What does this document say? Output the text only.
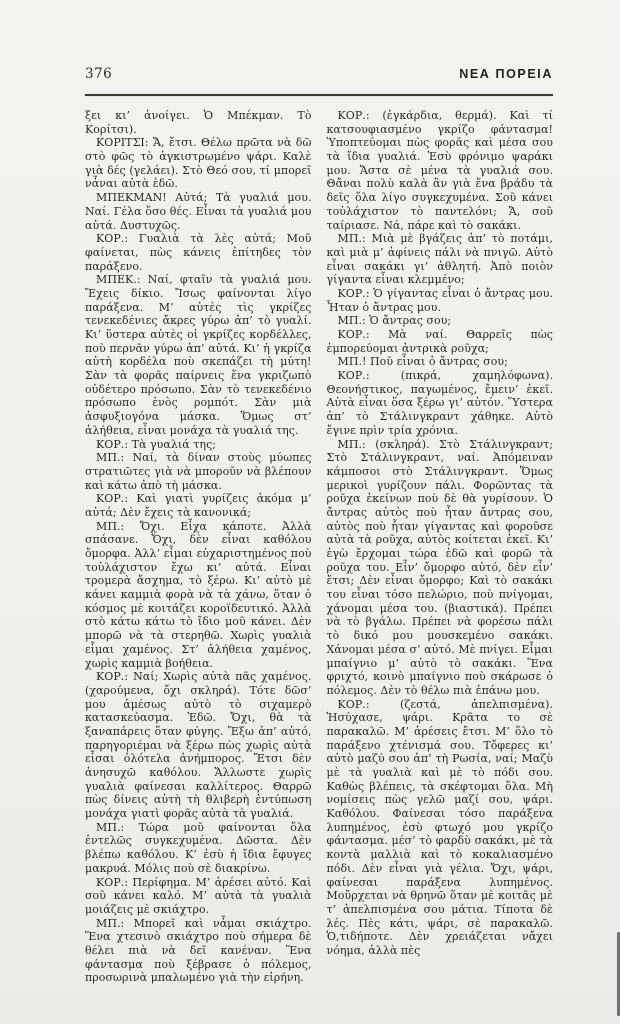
376	ΝΕΑ ΠΟΡΕΙΑ

ξει κι’ ἀνοίγει. Ὁ Μπέκμαν. Τὸ Κορίτσι).

ΚΟΡΙΤΣΙ: Ἄ, ἔτσι. Θέλω πρῶτα νὰ δῶ στὸ φῶς τὸ ἀγκιστρωμένο ψάρι. Καλὲ γιὰ δές (γελάει). Στὸ Θεό σου, τί μπορεῖ νἆναι αὐτὰ ἐδῶ.

ΜΠΕΚΜΑΝ! Αὐτά; Τὰ γυαλιά μου. Ναί. Γέλα ὅσο θές. Εἶναι τὰ γυαλιά μου αὐτά. Δυστυχῶς.

ΚΟΡ.: Γυαλιὰ τὰ λὲς αὐτά; Μοῦ φαίνεται, πὼς κάνεις ἐπίτηδες τὸν παράξενο.

ΜΠΕΚ.: Ναί, φταῖν τὰ γυαλιά μου. Ἔχεις δίκιο. Ἴσως φαίνονται λίγο παράξενα. Μ’ αὐτὲς τὶς γκρίζες τενεκεδένιες ἄκρες γύρω ἀπ’ τὸ γυαλί. Κι’ ὕστερα αὐτὲς οἱ γκρίζες κορδέλλες, ποὺ περνᾶν γύρω ἀπ’ αὐτά. Κι’ ἡ γκρίζα αὐτὴ κορδέλα ποὺ σκεπάζει τὴ μύτη! Σὰν τὰ φορᾶς παίρνεις ἕνα γκριζωπὸ οὐδέτερο πρόσωπο. Σὰν τὸ τενεκεδένιο πρόσωπο ἑνὸς ρομπότ. Σὰν μιὰ ἀσφυξιογόνα μάσκα. Ὅμως στ’ ἀλήθεια, εἶναι μονάχα τὰ γυαλιά της.

ΚΟΡ.: Τὰ γυαλιά της;

ΜΠ.: Ναί, τὰ δίναν στοὺς μύωπες στρατιῶτες γιὰ νὰ μποροῦν νὰ βλέπουν καὶ κάτω ἀπὸ τὴ μάσκα.

ΚΟΡ.: Καὶ γιατὶ γυρίζεις ἀκόμα μ’ αὐτά; Δὲν ἔχεις τὰ κανονικά;

ΜΠ.: Ὄχι. Εἶχα κάποτε. Ἀλλὰ σπάσανε. Ὄχι, δὲν εἶναι καθόλου ὄμορφα. Ἀλλ’ εἶμαι εὐχαριστημένος ποὺ τοὐλάχιστον ἔχω κι’ αὐτά. Εἶναι τρομερὰ ἄσχημα, τὸ ξέρω. Κι’ αὐτὸ μὲ κάνει καμμιὰ φορὰ νὰ τὰ χάνω, ὅταν ὁ κόσμος μὲ κοιτάζει κοροϊδευτικό. Ἀλλὰ στὸ κάτω κάτω τὸ ἴδιο μοῦ κάνει. Δὲν μπορῶ νὰ τὰ στερηθῶ. Χωρὶς γυαλιὰ εἶμαι χαμένος. Στ’ ἀλήθεια χαμένος, χωρὶς καμμιὰ βοήθεια.

ΚΟΡ.: Ναί; Χωρὶς αὐτὰ πᾶς χαμένος. (χαρούμενα, ὄχι σκληρά). Τότε δῶσ’ μου ἀμέσως αὐτὸ τὸ σιχαμερὸ κατασκεύασμα. Ἐδῶ. Ὄχι, θὰ τὰ ξαναπάρεις ὅταν φύγης. Ἔξω ἀπ’ αὐτό, παρηγοριέμαι νὰ ξέρω πὼς χωρὶς αὐτὰ εἶσαι ὁλότελα ἀνήμπορος. Ἔτσι δὲν ἀνησυχῶ καθόλου. Ἄλλωστε χωρὶς γυαλιὰ φαίνεσαι καλλίτερος. Θαρρῶ πὼς δίνεις αὐτὴ τὴ θλιβερὴ ἐντύπωση μονάχα γιατὶ φορᾶς αὐτὰ τὰ γυαλιά.

ΜΠ.: Τώρα μοῦ φαίνονται ὅλα ἐντελῶς συγκεχυμένα. Δῶστα. Δὲν βλέπω καθόλου. Κ’ ἐσὺ ἡ ἴδια ἔφυγες μακρυά. Μόλις ποὺ σὲ διακρίνω.

ΚΟΡ.: Περίφημα. Μ’ ἀρέσει αὐτό. Καὶ σοῦ κάνει καλό. Μ’ αὐτὰ τὰ γυαλιὰ μοιάζεις μὲ σκιάχτρο.

ΜΠ.: Μπορεῖ καὶ νἆμαι σκιάχτρο. Ἕνα χτεσινὸ σκιάχτρο ποὺ σήμερα δὲ θέλει πιὰ νὰ δεῖ κανέναν. Ἕνα φάντασμα ποὺ ξέβρασε ὁ πόλεμος, προσωρινὰ μπαλωμένο γιὰ τὴν εἰρήνη.

ΚΟΡ.: (ἐγκάρδια, θερμά). Καὶ τί κατσουφιασμένο γκρίζο φάντασμα! Ὑποπτεύομαι πὼς φορᾶς καὶ μέσα σου τὰ ἴδια γυαλιά. Ἐσὺ φρόνιμο ψαράκι μου. Ἄστα σὲ μένα τὰ γυαλιά σου. Θἄναι πολὺ καλὰ ἂν γιὰ ἕνα βράδυ τὰ δεῖς ὅλα λίγο συγκεχυμένα. Σοῦ κάνει τοὐλάχιστον τὸ παντελόνι; Ἄ, σοῦ ταίριασε. Νά, πάρε καὶ τὸ σακάκι.

ΜΠ.: Μιὰ μὲ βγάζεις ἀπ’ τὸ ποτάμι, καὶ μιὰ μ’ ἀφίνεις πάλι νὰ πνιγῶ. Αὐτὸ εἶναι σακάκι γι’ ἀθλητή. Ἀπὸ ποιὸν γίγαντα εἶναι κλεμμένο;

ΚΟΡ.: Ὁ γίγαντας εἶναι ὁ ἄντρας μου. Ἦταν ὁ ἄντρας μου.

ΜΠ.: Ὁ ἄντρας σου;

ΚΟΡ.: Μὰ ναί. Θαρρεῖς πὼς ἐμπορεύομαι ἀντρικὰ ροῦχα;

ΜΠ.! Ποῦ εἶναι ὁ ἄντρας σου;

ΚΟΡ.: (πικρά, χαμηλόφωνα). Θεονήστικος, παγωμένος, ἔμειν’ ἐκεῖ. Αὐτὰ εἶναι ὅσα ξέρω γι’ αὐτόν. Ὕστερα ἀπ’ τὸ Στάλινγκραντ χάθηκε. Αὐτὸ ἔγινε πρὶν τρία χρόνια.

ΜΠ.: (σκληρά). Στὸ Στάλινγκραντ; Στὸ Στάλινγκραντ, ναί. Ἀπόμειναν κάμποσοι στὸ Στάλινγκραντ. Ὅμως μερικοὶ γυρίζουν πάλι. Φορῶντας τὰ ροῦχα ἐκείνων ποὺ δὲ θὰ γυρίσουν. Ὁ ἄντρας αὐτὸς ποὺ ἦταν ἄντρας σου, αὐτὸς ποὺ ἦταν γίγαντας καὶ φοροῦσε αὐτὰ τὰ ροῦχα, αὐτὸς κοίτεται ἐκεῖ. Κι’ ἐγὼ ἔρχομαι τώρα ἐδῶ καὶ φορῶ τὰ ροῦχα του. Εἶν’ ὄμορφο αὐτό, δὲν εἶν’ ἔτσι; Δὲν εἶναι ὄμορφο; Καὶ τὸ σακάκι του εἶναι τόσο πελώριο, ποὺ πνίγομαι, χάνομαι μέσα του. (βιαστικά). Πρέπει νὰ τὸ βγάλω. Πρέπει νὰ φορέσω πάλι τὸ δικό μου μουσκεμένο σακάκι. Χάνομαι μέσα σ’ αὐτό. Μὲ πνίγει. Εἶμαι μπαίγνιο μ’ αὐτὸ τὸ σακάκι. Ἕνα φριχτό, κοινὸ μπαίγνιο ποὺ σκάρωσε ὁ πόλεμος. Δὲν τὸ θέλω πιὰ ἐπάνω μου.

ΚΟΡ.: (ζεστά, ἀπελπισμένα). Ἡσύχασε, ψάρι. Κρᾶτα το σὲ παρακαλῶ. Μ’ ἀρέσεις ἔτσι. Μ’ ὅλο τὸ παράξενο χτένισμά σου. Τὄφερες κι’ αὐτὸ μαζύ σου ἀπ’ τὴ Ρωσία, ναί; Μαζὺ μὲ τὰ γυαλιὰ καὶ μὲ τὸ πόδι σου. Καθὼς βλέπεις, τὰ σκέφτομαι ὅλα. Μὴ νομίσεις πὼς γελῶ μαζί σου, ψάρι. Καθόλου. Φαίνεσαι τόσο παράξενα λυπημένος, ἐσὺ φτωχό μου γκρίζο φάντασμα. μέσ’ τὸ φαρδὺ σακάκι, μὲ τὰ κοντὰ μαλλιὰ καὶ τὸ κοκαλιασμένο πόδι. Δὲν εἶναι γιὰ γέλια. Ὄχι, ψάρι, φαίνεσαι παράξενα λυπημένος. Μοὔρχεται νὰ θρηνῶ ὅταν μὲ κοιτᾶς μὲ τ’ ἀπελπισμένα σου μάτια. Τίποτα δὲ λές. Πὲς κάτι, ψάρι, σὲ παρακαλῶ. Ὁ,τιδήποτε. Δὲν χρειάζεται νἄχει νόημα, ἀλλὰ πὲς
